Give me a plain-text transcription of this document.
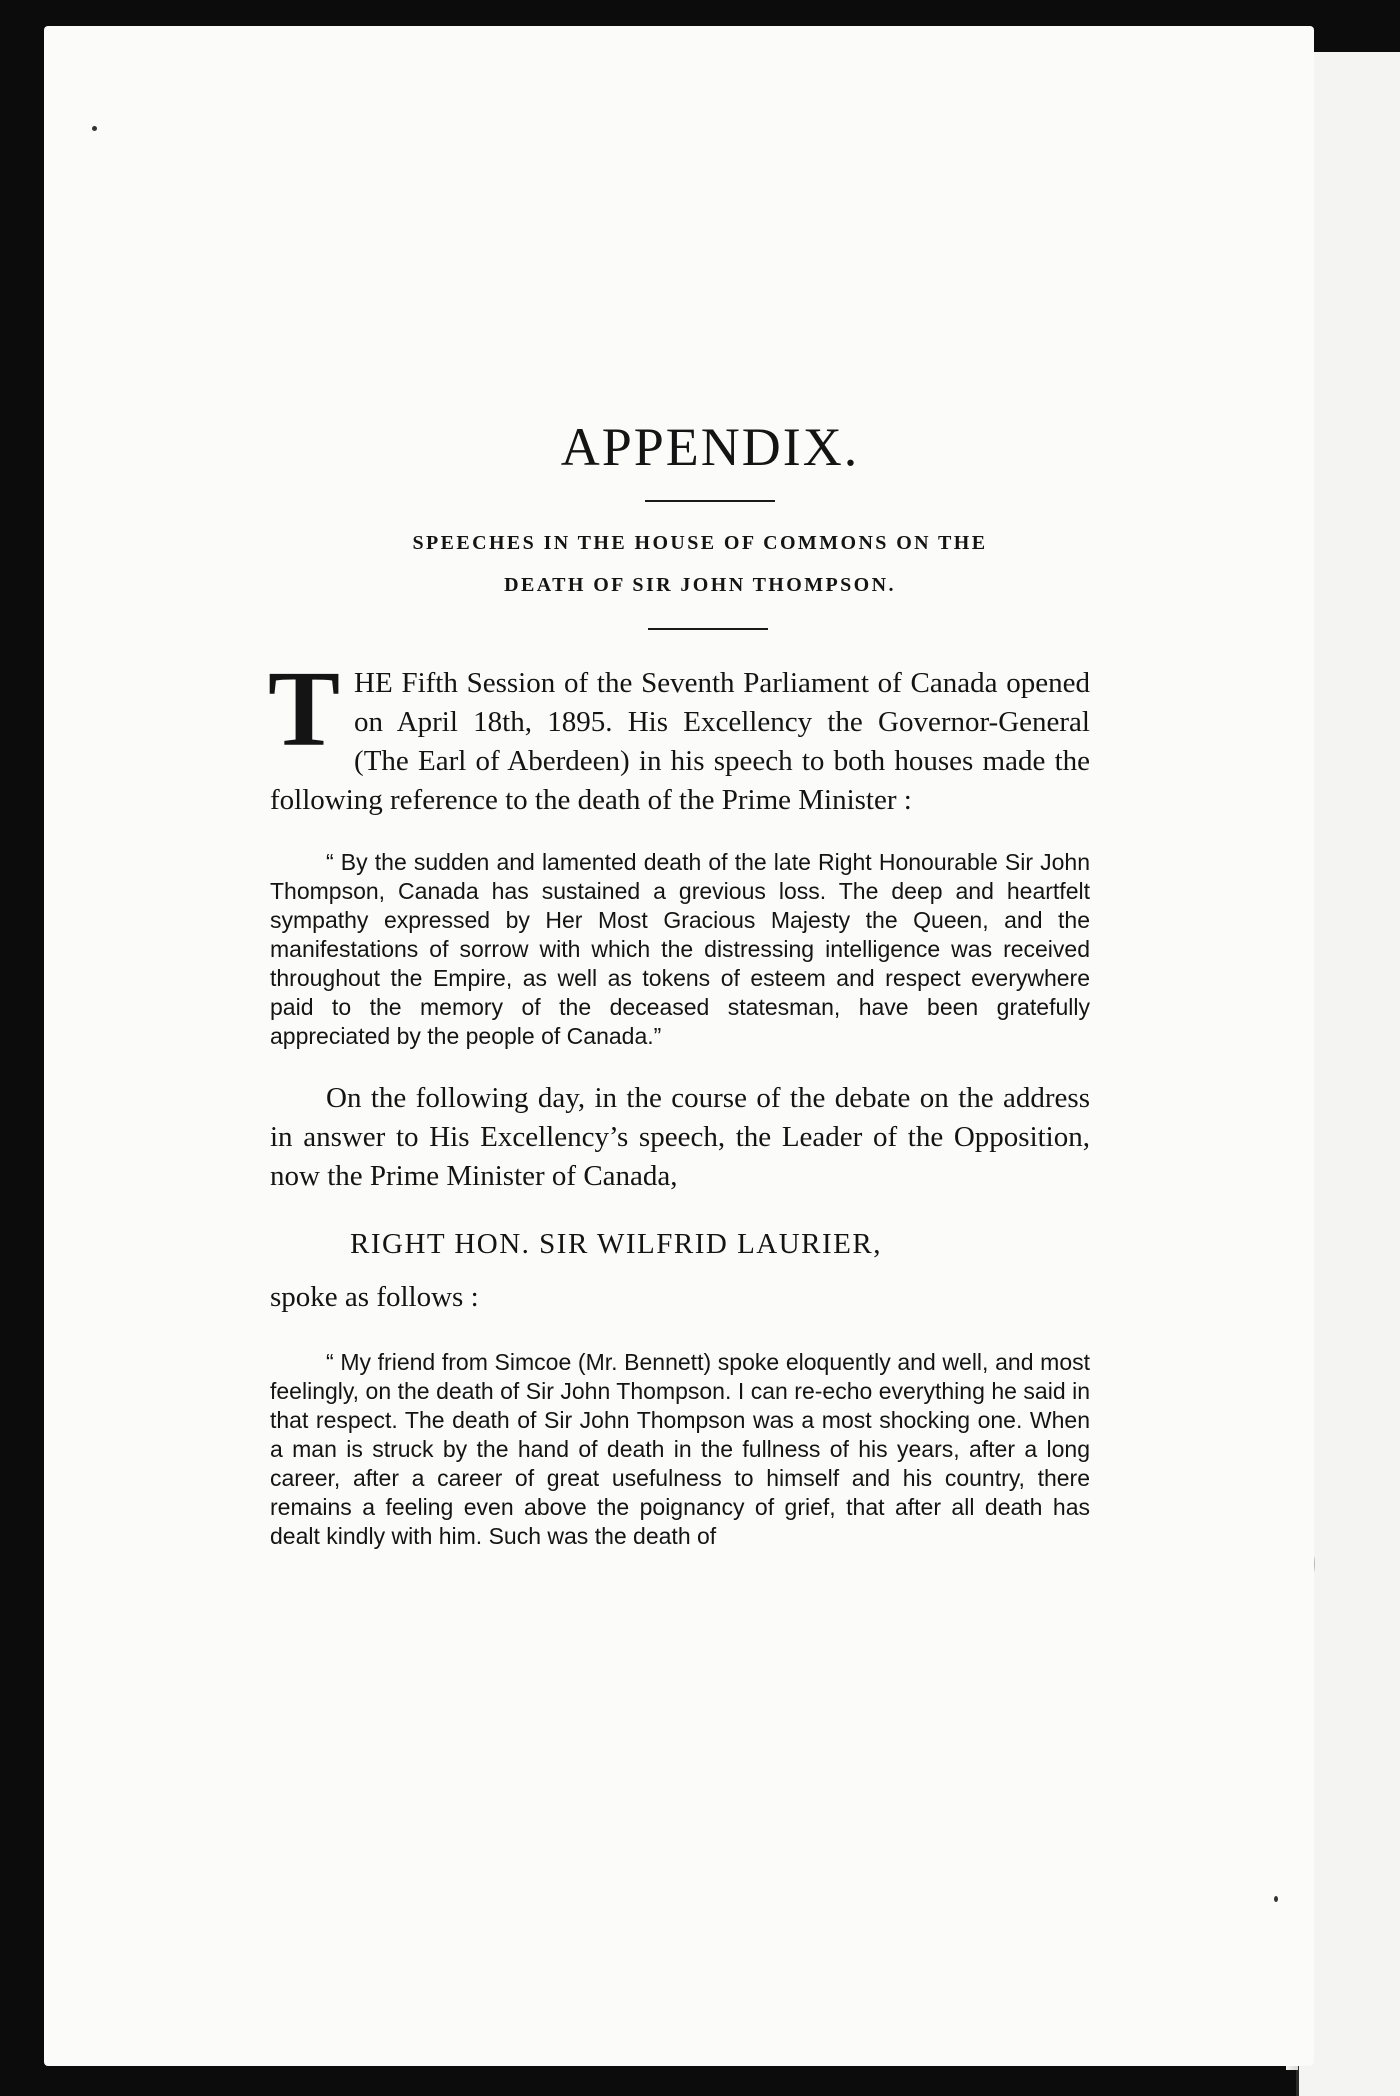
APPENDIX.
SPEECHES IN THE HOUSE OF COMMONS ON THE
DEATH OF SIR JOHN THOMPSON.

T HE Fifth Session of the Seventh Parliament of Canada opened on April 18th, 1895. His Excellency the Governor-General (The Earl of Aberdeen) in his speech to both houses made the following reference to the death of the Prime Minister :

“ By the sudden and lamented death of the late Right Honourable Sir John Thompson, Canada has sustained a grevious loss. The deep and heartfelt sympathy expressed by Her Most Gracious Majesty the Queen, and the manifestations of sorrow with which the distressing intelligence was received throughout the Empire, as well as tokens of esteem and respect everywhere paid to the memory of the deceased statesman, have been gratefully appreciated by the people of Canada.”

On the following day, in the course of the debate on the address in answer to His Excellency’s speech, the Leader of the Opposition, now the Prime Minister of Canada,

RIGHT HON. SIR WILFRID LAURIER,
spoke as follows :

“ My friend from Simcoe (Mr. Bennett) spoke eloquently and well, and most feelingly, on the death of Sir John Thompson. I can re-echo everything he said in that respect. The death of Sir John Thompson was a most shocking one. When a man is struck by the hand of death in the fullness of his years, after a long career, after a career of great usefulness to himself and his country, there remains a feeling even above the poignancy of grief, that after all death has dealt kindly with him. Such was the death of
